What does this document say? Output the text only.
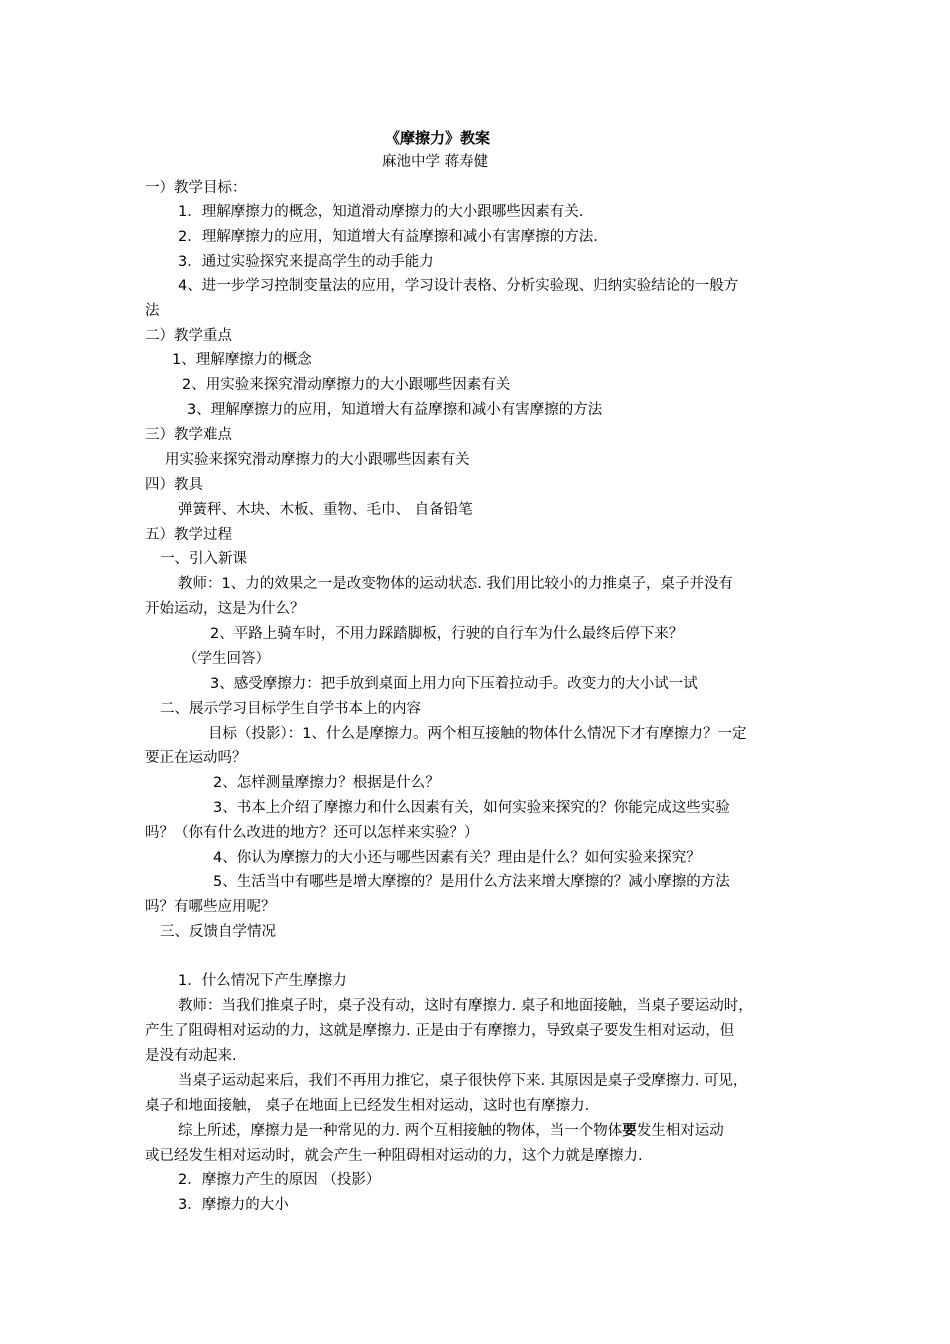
《摩擦力》教案
麻池中学 蒋寿健
一）教学目标：
1．理解摩擦力的概念，知道滑动摩擦力的大小跟哪些因素有关.
2．理解摩擦力的应用，知道增大有益摩擦和减小有害摩擦的方法.
3．通过实验探究来提高学生的动手能力
4、进一步学习控制变量法的应用，学习设计表格、分析实验现、归纳实验结论的一般方
法
二）教学重点
1、理解摩擦力的概念
2、用实验来探究滑动摩擦力的大小跟哪些因素有关
3、理解摩擦力的应用，知道增大有益摩擦和减小有害摩擦的方法
三）教学难点
用实验来探究滑动摩擦力的大小跟哪些因素有关
四）教具
弹簧秤、木块、木板、重物、毛巾、 自备铅笔
五）教学过程
一、引入新课
教师：1、力的效果之一是改变物体的运动状态. 我们用比较小的力推桌子，桌子并没有
开始运动，这是为什么？
2、平路上骑车时，不用力踩踏脚板，行驶的自行车为什么最终后停下来？
（学生回答）
3、感受摩擦力：把手放到桌面上用力向下压着拉动手。改变力的大小试一试
二、展示学习目标学生自学书本上的内容
目标（投影）：1、什么是摩擦力。两个相互接触的物体什么情况下才有摩擦力？一定
要正在运动吗？
2、怎样测量摩擦力？根据是什么？
3、书本上介绍了摩擦力和什么因素有关，如何实验来探究的？你能完成这些实验
吗？（你有什么改进的地方？还可以怎样来实验？）
4、你认为摩擦力的大小还与哪些因素有关？理由是什么？如何实验来探究？
5、生活当中有哪些是增大摩擦的？是用什么方法来增大摩擦的？减小摩擦的方法
吗？有哪些应用呢？
三、反馈自学情况
1．什么情况下产生摩擦力
教师：当我们推桌子时，桌子没有动，这时有摩擦力. 桌子和地面接触，当桌子要运动时，
产生了阻碍相对运动的力，这就是摩擦力. 正是由于有摩擦力，导致桌子要发生相对运动，但
是没有动起来.
当桌子运动起来后，我们不再用力推它，桌子很快停下来. 其原因是桌子受摩擦力. 可见，
桌子和地面接触， 桌子在地面上已经发生相对运动，这时也有摩擦力.
综上所述，摩擦力是一种常见的力. 两个互相接触的物体，当一个物体要发生相对运动
或已经发生相对运动时，就会产生一种阻碍相对运动的力，这个力就是摩擦力.
2．摩擦力产生的原因 （投影）
3．摩擦力的大小
